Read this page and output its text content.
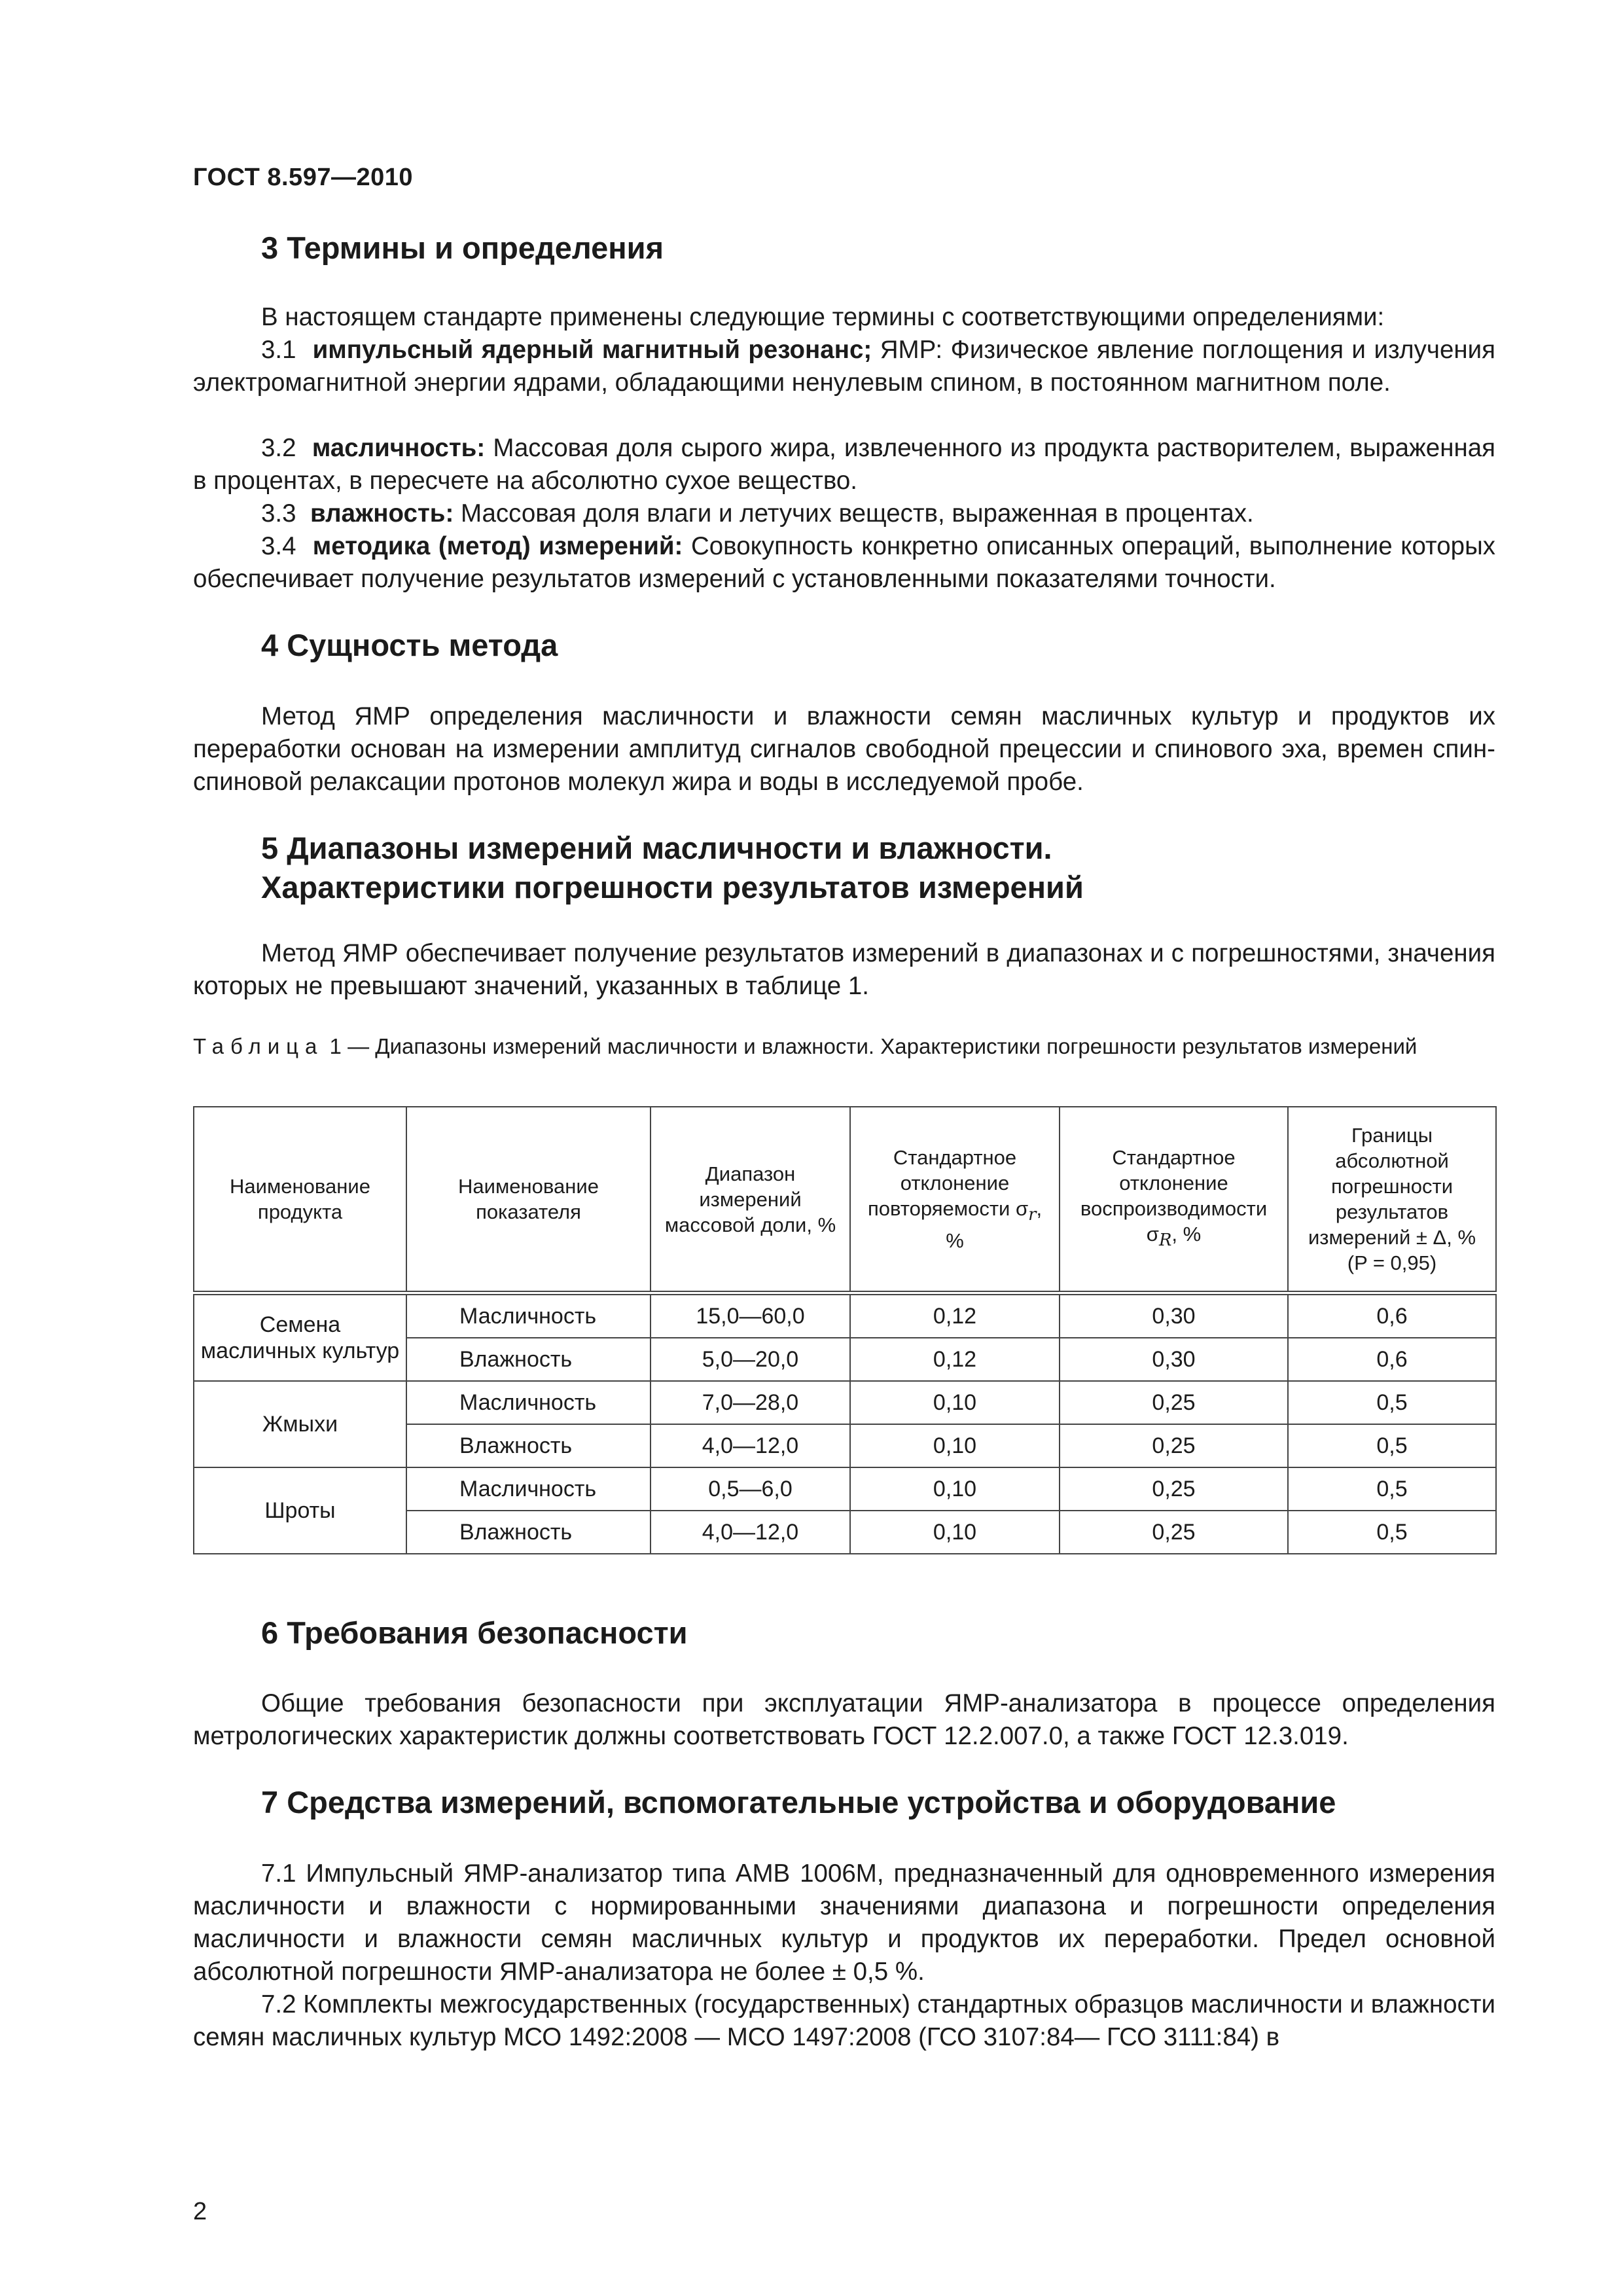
ГОСТ 8.597—2010
3 Термины и определения

В настоящем стандарте применены следующие термины с соответствующими определениями:

3.1 импульсный ядерный магнитный резонанс; ЯМР: Физическое явление поглощения и излучения электромагнитной энергии ядрами, обладающими ненулевым спином, в постоянном магнитном поле.

3.2 масличность: Массовая доля сырого жира, извлеченного из продукта растворителем, выраженная в процентах, в пересчете на абсолютно сухое вещество.

3.3 влажность: Массовая доля влаги и летучих веществ, выраженная в процентах.

3.4 методика (метод) измерений: Совокупность конкретно описанных операций, выполнение которых обеспечивает получение результатов измерений с установленными показателями точности.

4 Сущность метода

Метод ЯМР определения масличности и влажности семян масличных культур и продуктов их переработки основан на измерении амплитуд сигналов свободной прецессии и спинового эха, времен спин-спиновой релаксации протонов молекул жира и воды в исследуемой пробе.

5 Диапазоны измерений масличности и влажности.
Характеристики погрешности результатов измерений

Метод ЯМР обеспечивает получение результатов измерений в диапазонах и с погрешностями, значения которых не превышают значений, указанных в таблице 1.

Таблица 1 — Диапазоны измерений масличности и влажности. Характеристики погрешности результатов измерений
Наименование продукта	Наименование показателя	Диапазон измерений массовой доли, %	Стандартное отклонение повторяемости $\sigma_r$, %	Стандартное отклонение воспроизводимости $\sigma_R$, %	Границы абсолютной погрешности результатов измерений ± Δ, %
(P = 0,95)
Семена масличных культур	Масличность	15,0—60,0	0,12	0,30	0,6
	Влажность	5,0—20,0	0,12	0,30	0,6
Жмыхи	Масличность	7,0—28,0	0,10	0,25	0,5
	Влажность	4,0—12,0	0,10	0,25	0,5
Шроты	Масличность	0,5—6,0	0,10	0,25	0,5
	Влажность	4,0—12,0	0,10	0,25	0,5
6 Требования безопасности

Общие требования безопасности при эксплуатации ЯМР-анализатора в процессе определения метрологических характеристик должны соответствовать ГОСТ 12.2.007.0, а также ГОСТ 12.3.019.

7 Средства измерений, вспомогательные устройства и оборудование

7.1 Импульсный ЯМР-анализатор типа АМВ 1006М, предназначенный для одновременного измерения масличности и влажности с нормированными значениями диапазона и погрешности определения масличности и влажности семян масличных культур и продуктов их переработки. Предел основной абсолютной погрешности ЯМР-анализатора не более ± 0,5 %.

7.2 Комплекты межгосударственных (государственных) стандартных образцов масличности и влажности семян масличных культур МСО 1492:2008 — МСО 1497:2008 (ГСО 3107:84— ГСО 3111:84) в

2
